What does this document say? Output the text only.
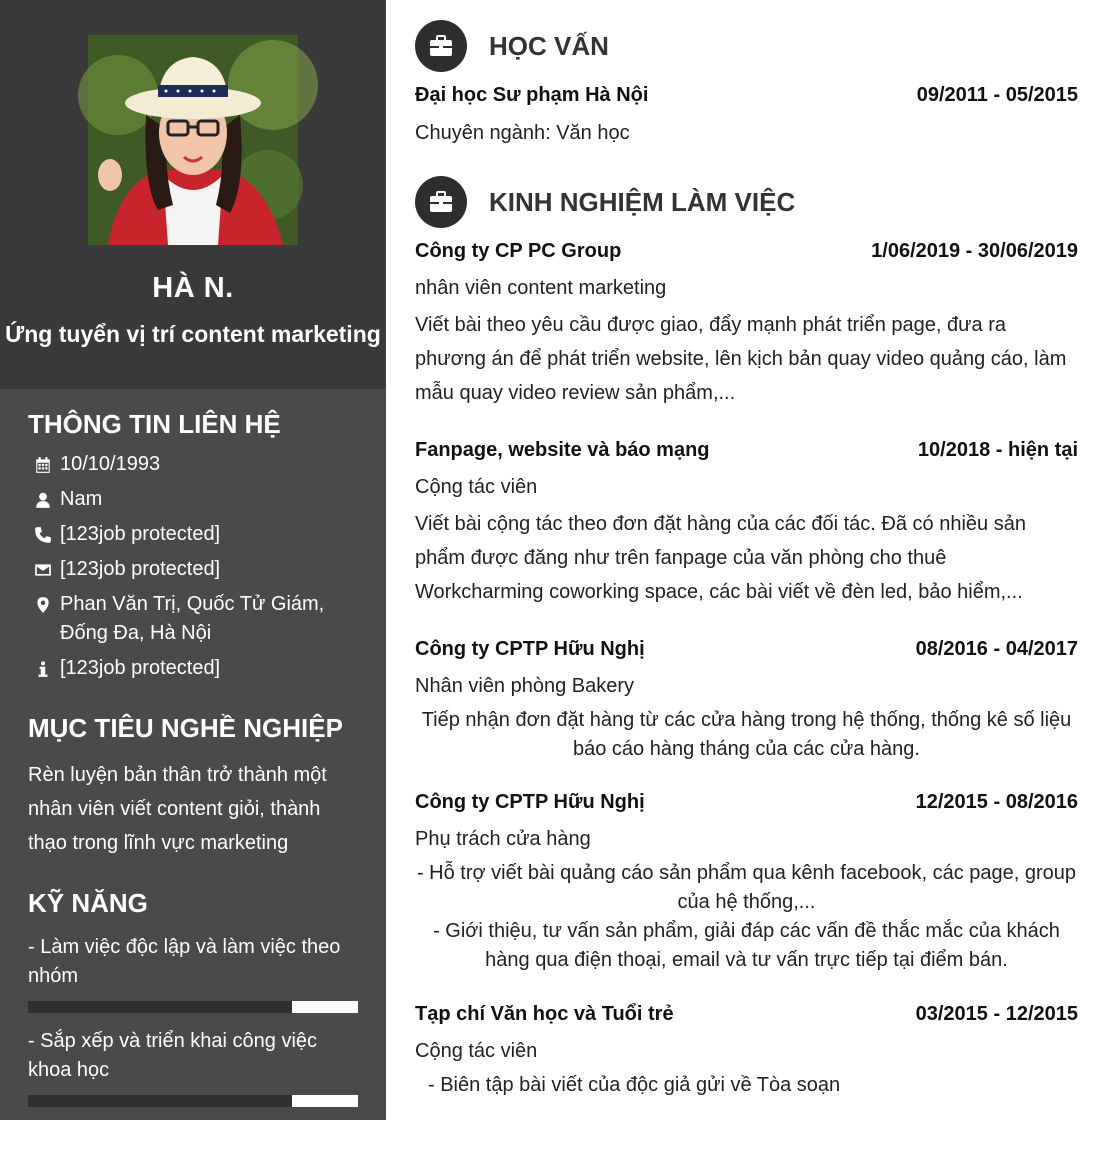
HÀ N.
Ứng tuyển vị trí content marketing
THÔNG TIN LIÊN HỆ
10/10/1993
Nam
[123job protected]
[123job protected]
Phan Văn Trị, Quốc Tử Giám, Đống Đa, Hà Nội
[123job protected]
MỤC TIÊU NGHỀ NGHIỆP

Rèn luyện bản thân trở thành một nhân viên viết content giỏi, thành thạo trong lĩnh vực marketing

KỸ NĂNG
- Làm việc độc lập và làm việc theo nhóm
- Sắp xếp và triển khai công việc khoa học
- Lắng nghe tiếp thu, học hỏi nhanh
HỌC VẤN
Đại học Sư phạm Hà Nội	09/2011 - 05/2015
Chuyên ngành: Văn học
KINH NGHIỆM LÀM VIỆC
Công ty CP PC Group	1/06/2019 - 30/06/2019
nhân viên content marketing

Viết bài theo yêu cầu được giao, đẩy mạnh phát triển page, đưa ra phương án để phát triển website, lên kịch bản quay video quảng cáo, làm mẫu quay video review sản phẩm,...

Fanpage, website và báo mạng	10/2018 - hiện tại
Cộng tác viên

Viết bài cộng tác theo đơn đặt hàng của các đối tác. Đã có nhiều sản phẩm được đăng như trên fanpage của văn phòng cho thuê Workcharming coworking space, các bài viết về đèn led, bảo hiểm,...

Công ty CPTP Hữu Nghị	08/2016 - 04/2017
Nhân viên phòng Bakery

Tiếp nhận đơn đặt hàng từ các cửa hàng trong hệ thống, thống kê số liệu báo cáo hàng tháng của các cửa hàng.

Công ty CPTP Hữu Nghị	12/2015 - 08/2016
Phụ trách cửa hàng

- Hỗ trợ viết bài quảng cáo sản phẩm qua kênh facebook, các page, group của hệ thống,...

- Giới thiệu, tư vấn sản phẩm, giải đáp các vấn đề thắc mắc của khách hàng qua điện thoại, email và tư vấn trực tiếp tại điểm bán.

Tạp chí Văn học và Tuổi trẻ	03/2015 - 12/2015
Cộng tác viên

- Biên tập bài viết của độc giả gửi về Tòa soạn
